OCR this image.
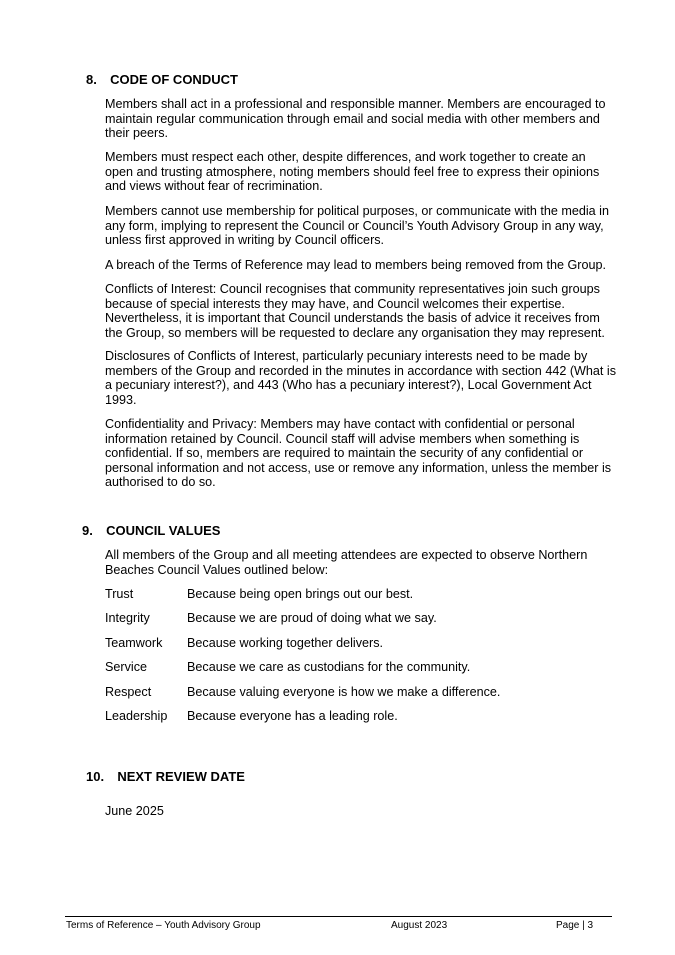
8. CODE OF CONDUCT

Members shall act in a professional and responsible manner. Members are encouraged to maintain regular communication through email and social media with other members and their peers.

Members must respect each other, despite differences, and work together to create an open and trusting atmosphere, noting members should feel free to express their opinions and views without fear of recrimination.

Members cannot use membership for political purposes, or communicate with the media in any form, implying to represent the Council or Council’s Youth Advisory Group in any way, unless first approved in writing by Council officers.

A breach of the Terms of Reference may lead to members being removed from the Group.

Conflicts of Interest: Council recognises that community representatives join such groups because of special interests they may have, and Council welcomes their expertise. Nevertheless, it is important that Council understands the basis of advice it receives from the Group, so members will be requested to declare any organisation they may represent.

Disclosures of Conflicts of Interest, particularly pecuniary interests need to be made by members of the Group and recorded in the minutes in accordance with section 442 (What is a pecuniary interest?), and 443 (Who has a pecuniary interest?), Local Government Act 1993.

Confidentiality and Privacy: Members may have contact with confidential or personal information retained by Council. Council staff will advise members when something is confidential. If so, members are required to maintain the security of any confidential or personal information and not access, use or remove any information, unless the member is authorised to do so.

9. COUNCIL VALUES

All members of the Group and all meeting attendees are expected to observe Northern Beaches Council Values outlined below:

Trust	Because being open brings out our best.
Integrity	Because we are proud of doing what we say.
Teamwork Because working together delivers.
Service	Because we care as custodians for the community.
Respect	Because valuing everyone is how we make a difference.
Leadership Because everyone has a leading role.
10. NEXT REVIEW DATE

June 2025

Terms of Reference – Youth Advisory Group	August 2023	Page | 3
